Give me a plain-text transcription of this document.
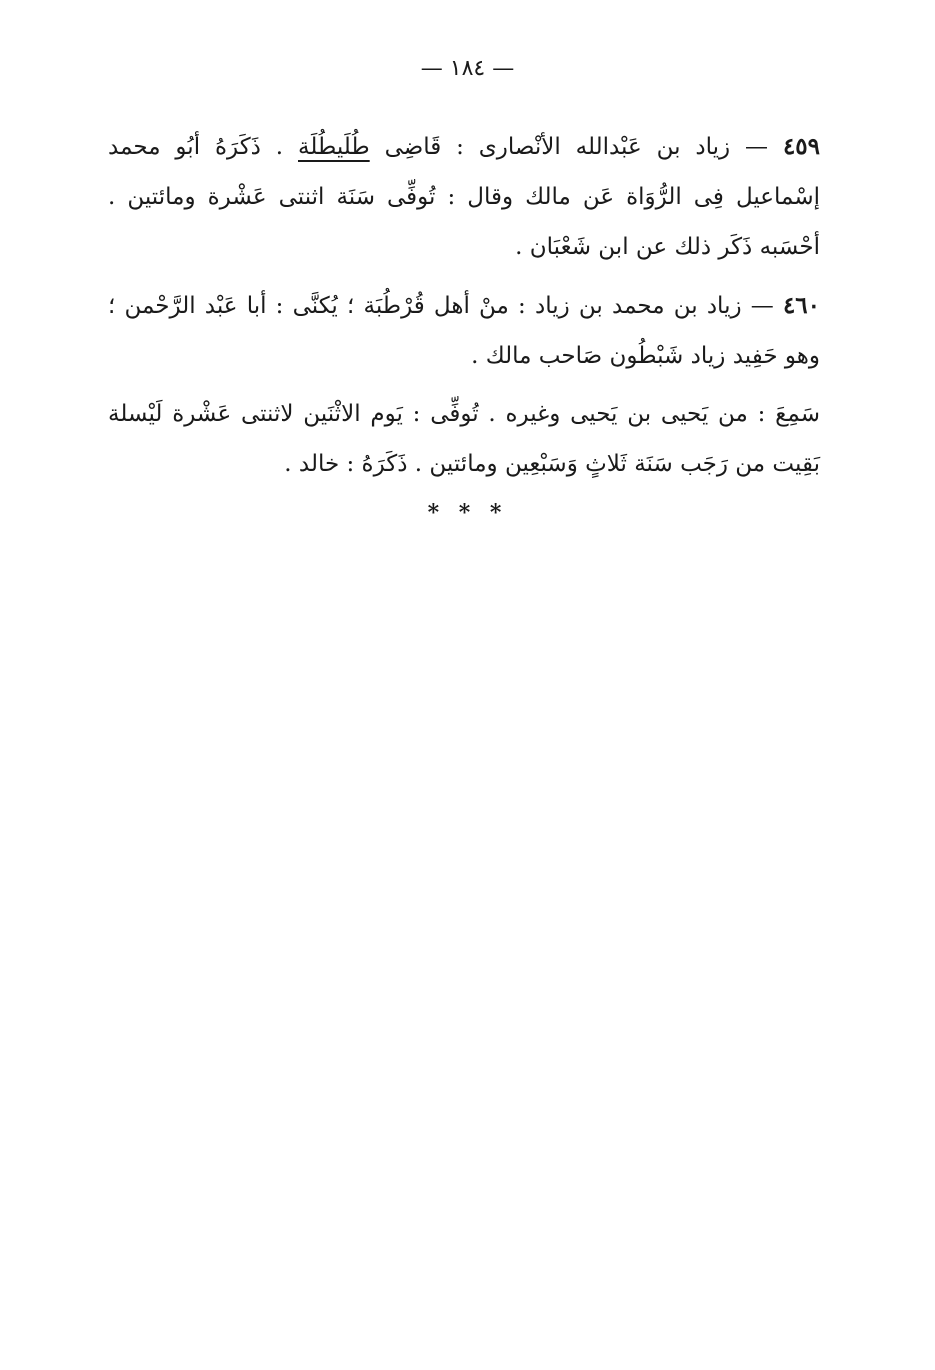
— ١٨٤ —
٤٥٩ — زياد بن عَبْدالله الأنْصارى : قَاضِى طُلَيطُلَة . ذَكَرَهُ أبُو محمد إسْماعيل فِى الرُّوَاة عَن مالك وقال : تُوفِّى سَنَة اثنتى عَشْرة ومائتين . أحْسَبه ذَكَر ذلك عن ابن شَعْبَان .
٤٦٠ — زياد بن محمد بن زياد : منْ أهل قُرْطُبَة ؛ يُكنَّى : أبا عَبْد الرَّحْمن ؛ وهو حَفِيد زياد شَبْطُون صَاحب مالك .
سَمِعَ : من يَحيى بن يَحيى وغيره . تُوفِّى : يَوم الاثْنَين لاثنتى عَشْرة لَيْسلة بَقِيت من رَجَب سَنَة ثَلاثٍ وَسَبْعِين ومائتين . ذَكَرَهُ : خالد .
* * *
